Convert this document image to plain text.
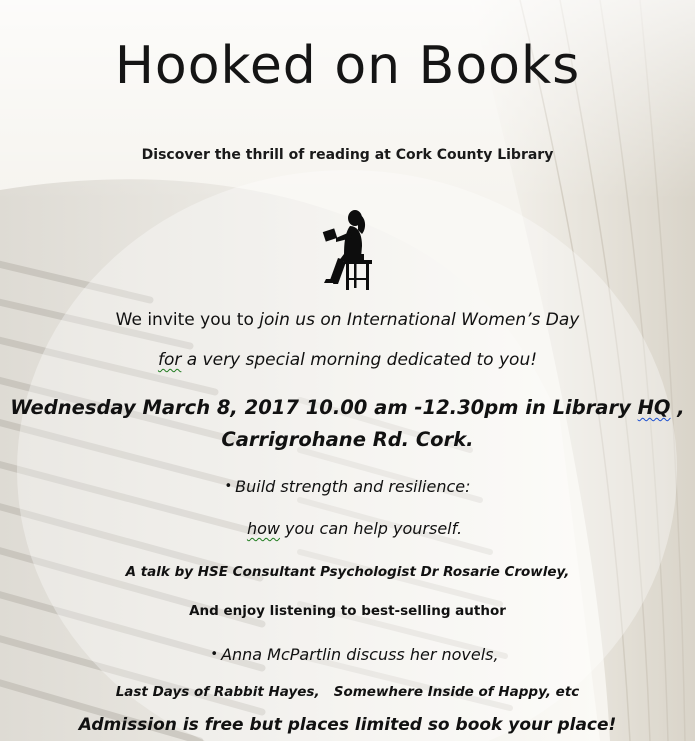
Hooked on Books
Discover the thrill of reading at Cork County Library
We invite you to join us on International Women’s Day
for a very special morning dedicated to you!
Wednesday March 8, 2017 10.00 am -12.30pm in Library HQ ,
Carrigrohane Rd. Cork.
• Build strength and resilience:
how you can help yourself.
A talk by HSE Consultant Psychologist Dr Rosarie Crowley,
And enjoy listening to best-selling author
• Anna McPartlin discuss her novels,
Last Days of Rabbit Hayes, Somewhere Inside of Happy, etc
Admission is free but places limited so book your place!
